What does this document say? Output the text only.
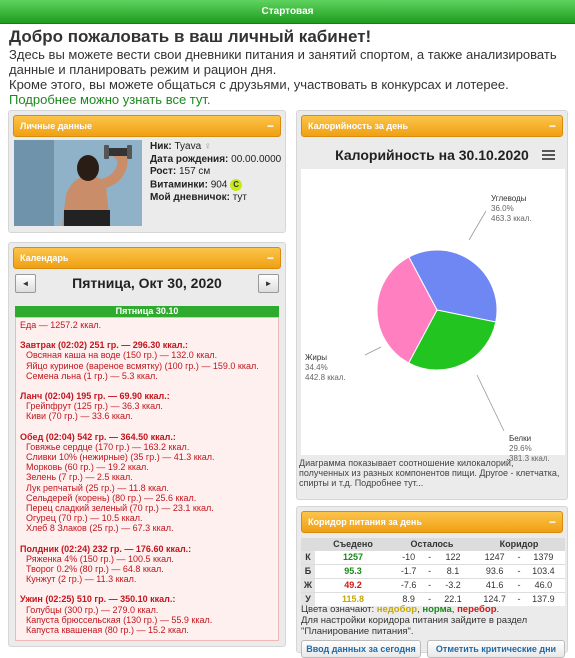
Стартовая
Добро пожаловать в ваш личный кабинет!

Здесь вы можете вести свои дневники питания и занятий спортом, а также анализировать данные и планировать режим и рацион дня.

Кроме этого, вы можете общаться с друзьями, участвовать в конкурсах и лотерее. Подробнее можно узнать все тут.

Личные данные	−
Ник: Tyava ♀
Дата рождения: 00.00.0000
Рост: 157 см
Витаминки: 904 C
Мой дневничок: тут
Календарь	−
◄	Пятница, Окт 30, 2020	►
Пятница 30.10
Еда — 1257.2 ккал.
Завтрак (02:02) 251 гр. — 296.30 ккал.:
Овсяная каша на воде (150 гр.) — 132.0 ккал.
Яйцо куриное (вареное всмятку) (100 гр.) — 159.0 ккал.
Семена льна (1 гр.) — 5.3 ккал.
Ланч (02:04) 195 гр. — 69.90 ккал.:
Грейпфрут (125 гр.) — 36.3 ккал.
Киви (70 гр.) — 33.6 ккал.
Обед (02:04) 542 гр. — 364.50 ккал.:
Говяжье сердце (170 гр.) — 163.2 ккал.
Сливки 10% (нежирные) (35 гр.) — 41.3 ккал.
Морковь (60 гр.) — 19.2 ккал.
Зелень (7 гр.) — 2.5 ккал.
Лук репчатый (25 гр.) — 11.8 ккал.
Сельдерей (корень) (80 гр.) — 25.6 ккал.
Перец сладкий зеленый (70 гр.) — 23.1 ккал.
Огурец (70 гр.) — 10.5 ккал.
Хлеб 8 Злаков (25 гр.) — 67.3 ккал.
Полдник (02:24) 232 гр. — 176.60 ккал.:
Ряженка 4% (150 гр.) — 100.5 ккал.
Творог 0.2% (80 гр.) — 64.8 ккал.
Кунжут (2 гр.) — 11.3 ккал.
Ужин (02:25) 510 гр. — 350.10 ккал.:
Голубцы (300 гр.) — 279.0 ккал.
Капуста брюссельская (130 гр.) — 55.9 ккал.
Капуста квашеная (80 гр.) — 15.2 ккал.
Калорийность за день	−
Углеводы
36.0%
463.3 ккал.
Белки
29.6%
381.3 ккал.
Жиры
34.4%
442.8 ккал.
Калорийность на 30.10.2020
Диаграмма показывает соотношение килокалорий, полученных из разных компонентов пищи. Другое - клетчатка, спирты и т.д. Подробнее тут...
Коридор питания за день	−
	Съедено	Осталось			Коридор		
К	1257	-10	-	122	1247	-	1379
Б	95.3	-1.7	-	8.1	93.6	-	103.4
Ж	49.2	-7.6	-	-3.2	41.6	-	46.0
У	115.8	8.9	-	22.1	124.7	-	137.9
Цвета означают: недобор, норма, перебор.
Для настройки коридора питания зайдите в раздел "Планирование питания".
Ввод данных за сегодня	Отметить критические дни
